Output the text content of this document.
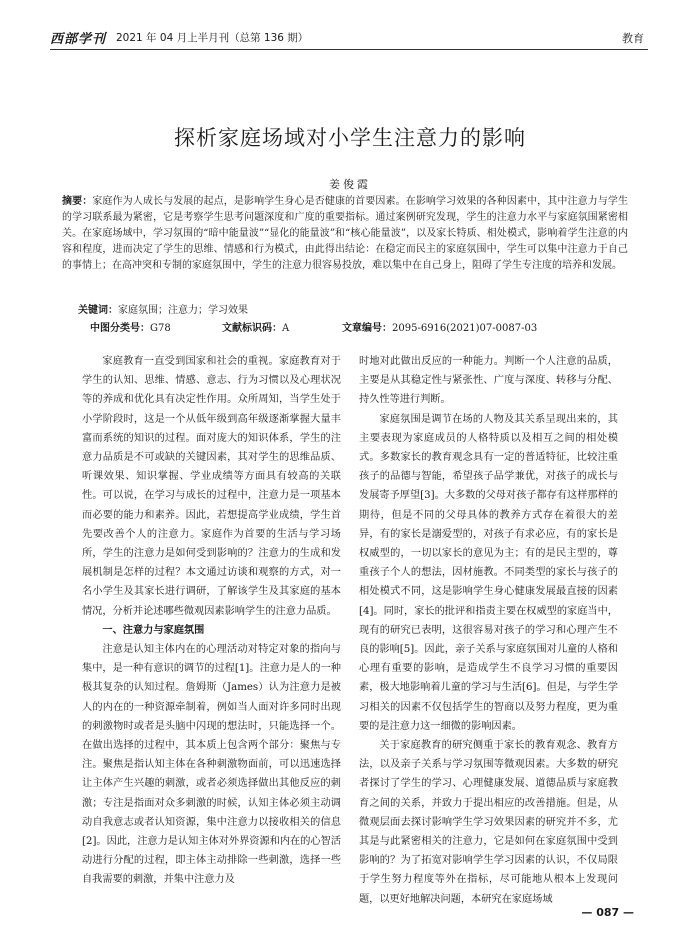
西部学刊 2021 年 04 月上半月刊（总第 136 期）	教育
探析家庭场域对小学生注意力的影响
姜俊霞
摘要：家庭作为人成长与发展的起点，是影响学生身心是否健康的首要因素。在影响学习效果的各种因素中，其中注意力与学生的学习联系最为紧密，它是考察学生思考问题深度和广度的重要指标。通过案例研究发现，学生的注意力水平与家庭氛围紧密相关。在家庭场域中，学习氛围的“暗中能量波”“显化的能量波”和“核心能量波”，以及家长特质、相处模式，影响着学生注意的内容和程度，进而决定了学生的思维、情感和行为模式，由此得出结论：在稳定而民主的家庭氛围中，学生可以集中注意力于自己的事情上；在高冲突和专制的家庭氛围中，学生的注意力很容易投放，难以集中在自己身上，阻碍了学生专注度的培养和发展。
关键词：家庭氛围；注意力；学习效果
中图分类号：G78	文献标识码：A	文章编号：2095-6916(2021)07-0087-03

家庭教育一直受到国家和社会的重视。家庭教育对于学生的认知、思维、情感、意志、行为习惯以及心理状况等的养成和优化具有决定性作用。众所周知，当学生处于小学阶段时，这是一个从低年级到高年级逐渐掌握大量丰富而系统的知识的过程。面对庞大的知识体系，学生的注意力品质是不可或缺的关键因素，其对学生的思维品质、听课效果、知识掌握、学业成绩等方面具有较高的关联性。可以说，在学习与成长的过程中，注意力是一项基本而必要的能力和素养。因此，若想提高学业成绩，学生首先要改善个人的注意力。家庭作为首要的生活与学习场所，学生的注意力是如何受到影响的？注意力的生成和发展机制是怎样的过程？本文通过访谈和观察的方式，对一名小学生及其家长进行调研，了解该学生及其家庭的基本情况，分析并论述哪些微观因素影响学生的注意力品质。

一、注意力与家庭氛围

注意是认知主体内在的心理活动对特定对象的指向与集中，是一种有意识的调节的过程[1]。注意力是人的一种极其复杂的认知过程。詹姆斯（James）认为注意力是被人的内在的一种资源牵制着，例如当人面对许多同时出现的刺激物时或者是头脑中闪现的想法时，只能选择一个。在做出选择的过程中，其本质上包含两个部分：聚焦与专注。聚焦是指认知主体在各种刺激物面前，可以迅速选择让主体产生兴趣的刺激，或者必须选择做出其他反应的刺激；专注是指面对众多刺激的时候，认知主体必须主动调动自我意志或者认知资源，集中注意力以接收相关的信息[2]。因此，注意力是认知主体对外界资源和内在的心智活动进行分配的过程，即主体主动排除一些刺激，选择一些自我需要的刺激，并集中注意力及

时地对此做出反应的一种能力。判断一个人注意的品质，主要是从其稳定性与紧张性、广度与深度、转移与分配、持久性等进行判断。

家庭氛围是调节在场的人物及其关系呈现出来的，其主要表现为家庭成员的人格特质以及相互之间的相处模式。多数家长的教育观念具有一定的普适特征，比较注重孩子的品德与智能，希望孩子品学兼优，对孩子的成长与发展寄予厚望[3]。大多数的父母对孩子都存有这样那样的期待，但是不同的父母具体的教养方式存在着很大的差异，有的家长是溺爱型的，对孩子有求必应，有的家长是权威型的，一切以家长的意见为主；有的是民主型的，尊重孩子个人的想法，因材施教。不同类型的家长与孩子的相处模式不同，这是影响学生身心健康发展最直接的因素[4]。同时，家长的批评和指责主要在权威型的家庭当中，现有的研究已表明，这很容易对孩子的学习和心理产生不良的影响[5]。因此，亲子关系与家庭氛围对儿童的人格和心理有重要的影响，是造成学生不良学习习惯的重要因素，极大地影响着儿童的学习与生活[6]。但是，与学生学习相关的因素不仅包括学生的智商以及努力程度，更为重要的是注意力这一细微的影响因素。

关于家庭教育的研究侧重于家长的教育观念、教育方法，以及亲子关系与学习氛围等微观因素。大多数的研究者探讨了学生的学习、心理健康发展、道德品质与家庭教育之间的关系，并致力于提出相应的改善措施。但是，从微观层面去探讨影响学生学习效果因素的研究并不多，尤其是与此紧密相关的注意力，它是如何在家庭氛围中受到影响的？为了拓宽对影响学生学习因素的认识，不仅局限于学生努力程度等外在指标，尽可能地从根本上发现问题，以更好地解决问题，本研究在家庭场域

— 087 —
